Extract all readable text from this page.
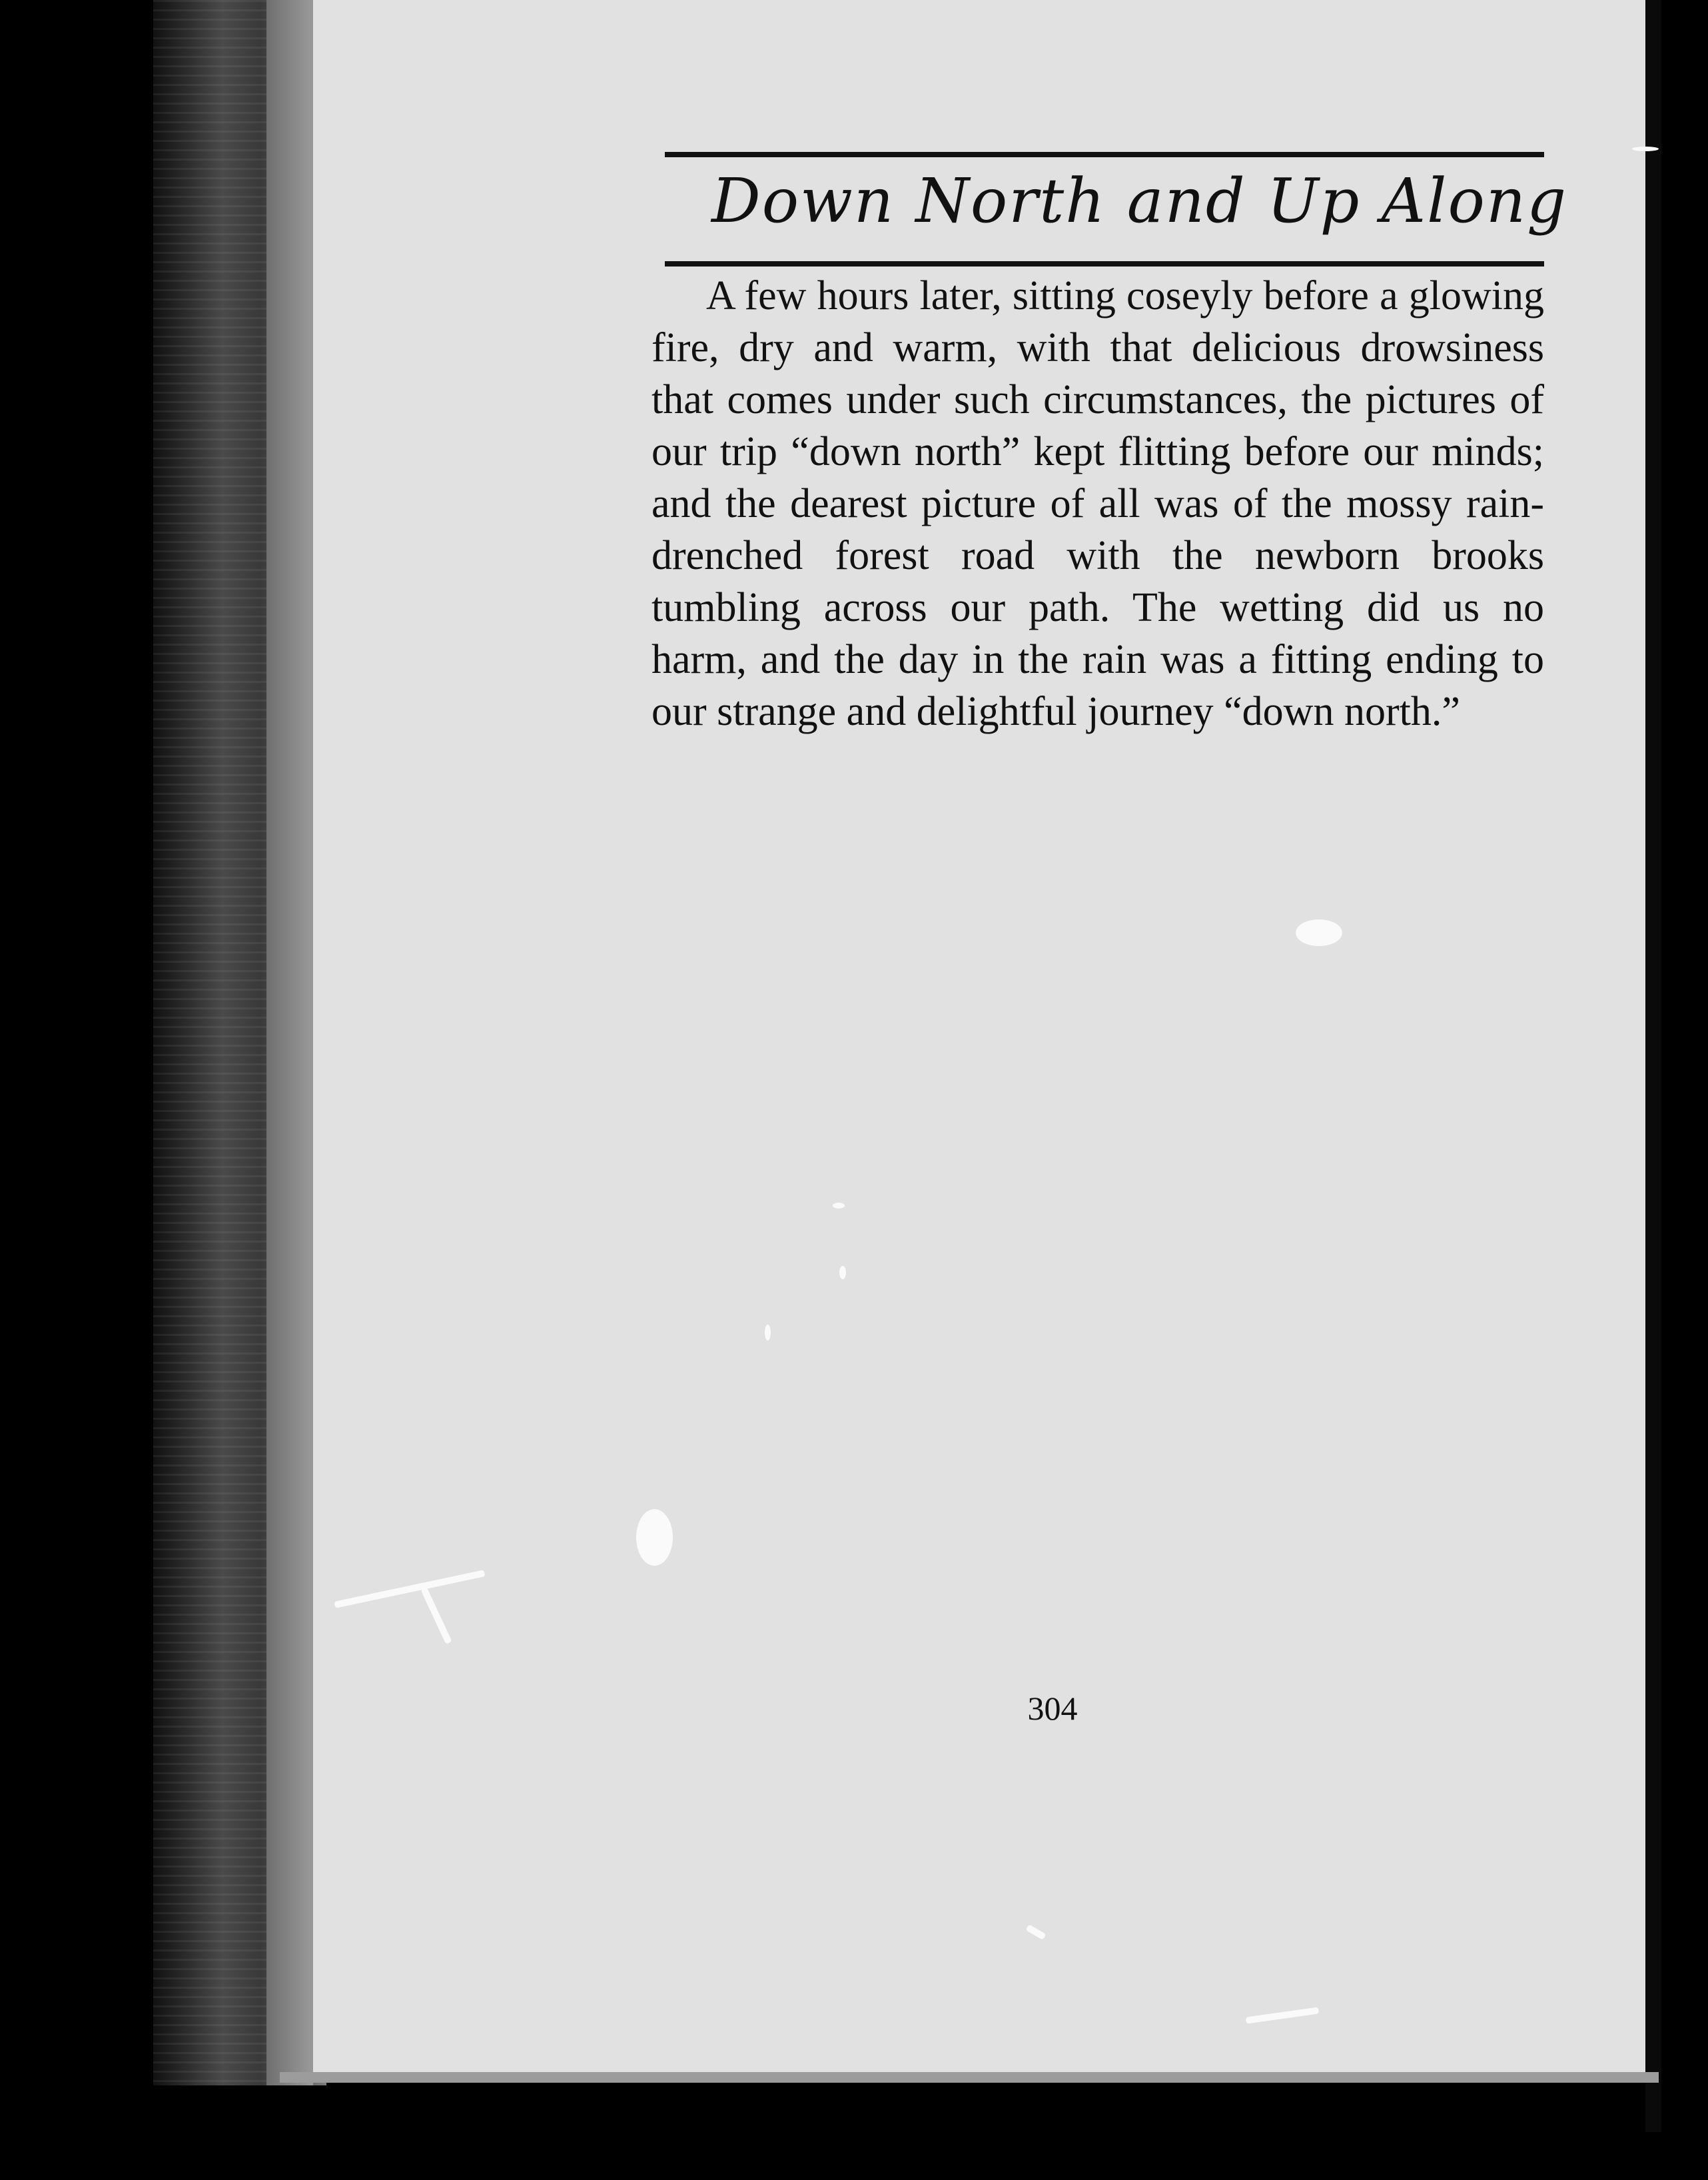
Down North and Up Along

A few hours later, sitting coseyly before a glowing fire, dry and warm, with that delicious drowsiness that comes under such circumstances, the pictures of our trip “down north” kept flitting before our minds; and the dearest picture of all was of the mossy rain-drenched forest road with the newborn brooks tumbling across our path. The wetting did us no harm, and the day in the rain was a fitting ending to our strange and delightful journey “down north.”

304
